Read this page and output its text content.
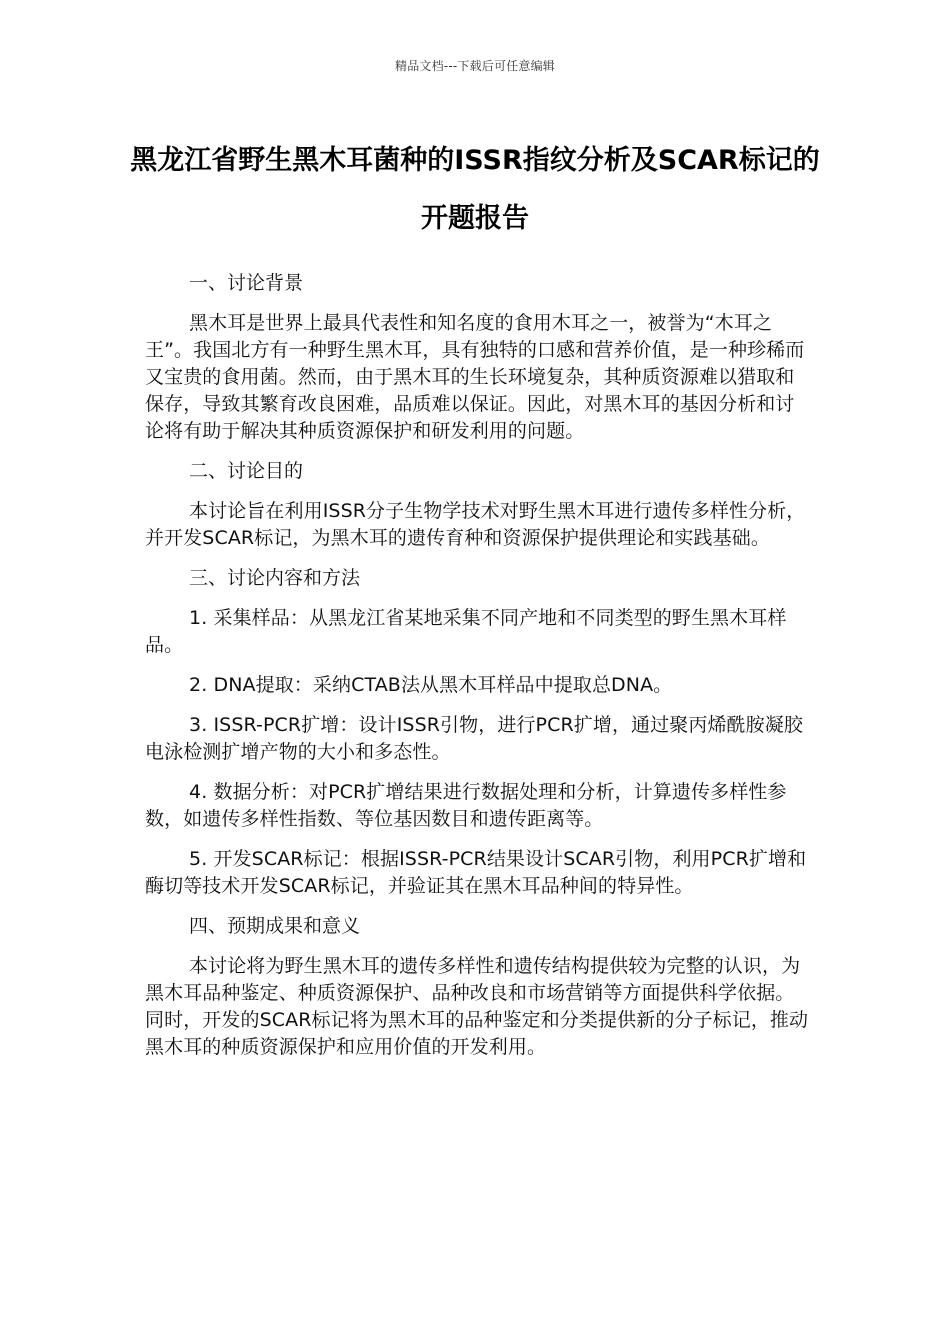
精品文档---下载后可任意编辑
黑龙江省野生黑木耳菌种的ISSR指纹分析及SCAR标记的开题报告

一、讨论背景

黑木耳是世界上最具代表性和知名度的食用木耳之一，被誉为“木耳之王”。我国北方有一种野生黑木耳，具有独特的口感和营养价值，是一种珍稀而又宝贵的食用菌。然而，由于黑木耳的生长环境复杂，其种质资源难以猎取和保存，导致其繁育改良困难，品质难以保证。因此，对黑木耳的基因分析和讨论将有助于解决其种质资源保护和研发利用的问题。

二、讨论目的

本讨论旨在利用ISSR分子生物学技术对野生黑木耳进行遗传多样性分析，并开发SCAR标记，为黑木耳的遗传育种和资源保护提供理论和实践基础。

三、讨论内容和方法

1. 采集样品：从黑龙江省某地采集不同产地和不同类型的野生黑木耳样品。

2. DNA提取：采纳CTAB法从黑木耳样品中提取总DNA。

3. ISSR-PCR扩增：设计ISSR引物，进行PCR扩增，通过聚丙烯酰胺凝胶电泳检测扩增产物的大小和多态性。

4. 数据分析：对PCR扩增结果进行数据处理和分析，计算遗传多样性参数，如遗传多样性指数、等位基因数目和遗传距离等。

5. 开发SCAR标记：根据ISSR-PCR结果设计SCAR引物，利用PCR扩增和酶切等技术开发SCAR标记，并验证其在黑木耳品种间的特异性。

四、预期成果和意义

本讨论将为野生黑木耳的遗传多样性和遗传结构提供较为完整的认识，为黑木耳品种鉴定、种质资源保护、品种改良和市场营销等方面提供科学依据。同时，开发的SCAR标记将为黑木耳的品种鉴定和分类提供新的分子标记，推动黑木耳的种质资源保护和应用价值的开发利用。
